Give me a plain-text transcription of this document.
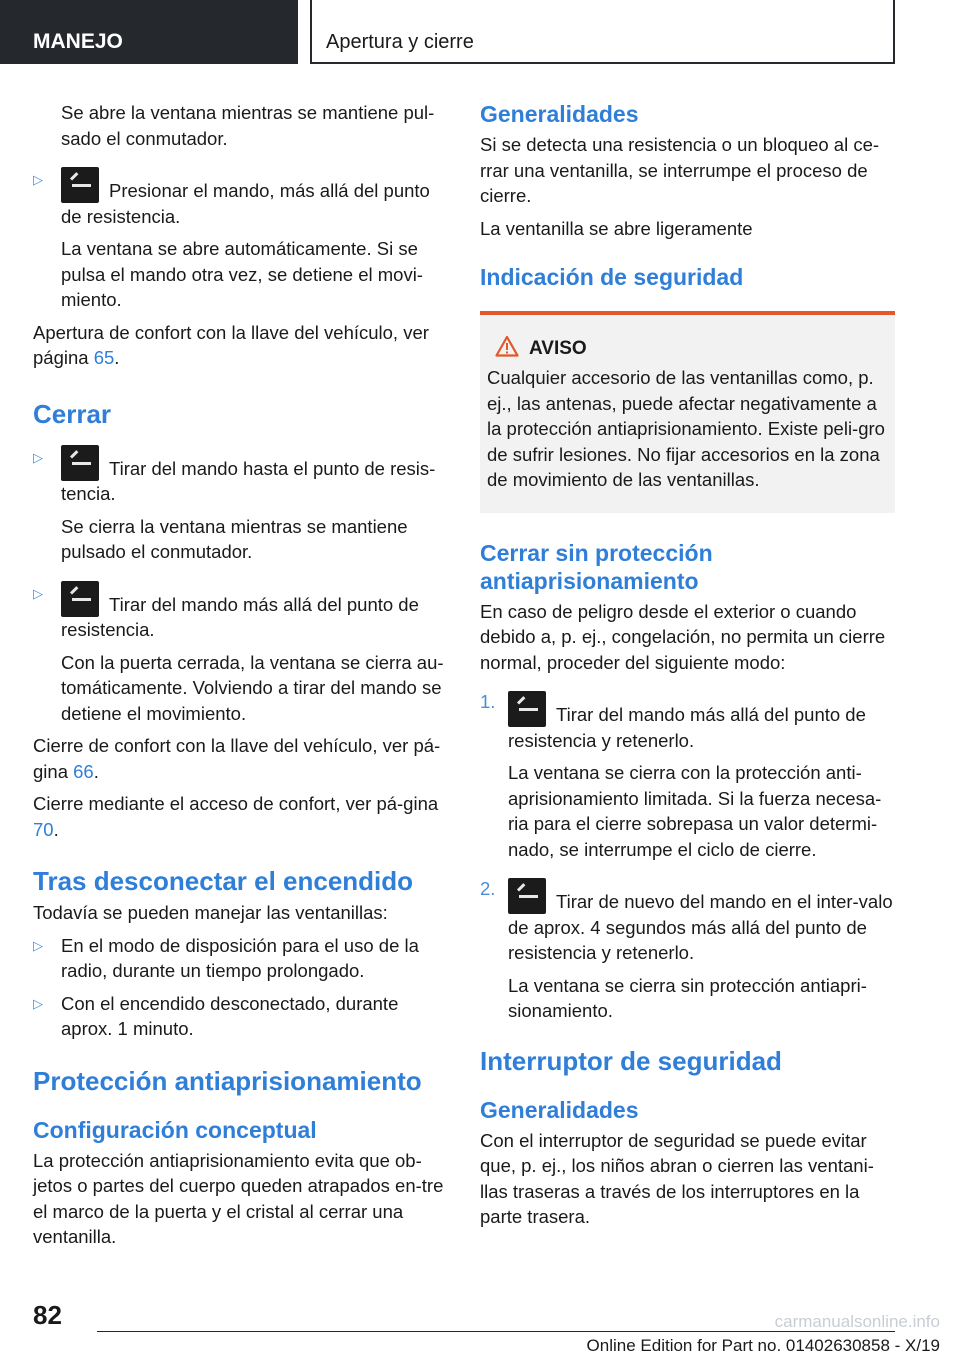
MANEJO	Apertura y cierre

Se abre la ventana mientras se mantiene pul-sado el conmutador.

▷

Presionar el mando, más allá del punto de resistencia.

La ventana se abre automáticamente. Si se pulsa el mando otra vez, se detiene el movi-miento.

Apertura de confort con la llave del vehículo, ver página 65.

Cerrar
▷

Tirar del mando hasta el punto de resis-tencia.

Se cierra la ventana mientras se mantiene pulsado el conmutador.

▷

Tirar del mando más allá del punto de resistencia.

Con la puerta cerrada, la ventana se cierra au-tomáticamente. Volviendo a tirar del mando se detiene el movimiento.

Cierre de confort con la llave del vehículo, ver pá-gina 66.

Cierre mediante el acceso de confort, ver pá-gina 70.

Tras desconectar el encendido

Todavía se pueden manejar las ventanillas:

▷ En el modo de disposición para el uso de la radio, durante un tiempo prolongado.

▷ Con el encendido desconectado, durante aprox. 1 minuto.

Protección antiaprisionamiento
Configuración conceptual

La protección antiaprisionamiento evita que ob-jetos o partes del cuerpo queden atrapados en-tre el marco de la puerta y el cristal al cerrar una ventanilla.

Generalidades

Si se detecta una resistencia o un bloqueo al ce-rrar una ventanilla, se interrumpe el proceso de cierre.

La ventanilla se abre ligeramente

Indicación de seguridad
AVISO

Cualquier accesorio de las ventanillas como, p. ej., las antenas, puede afectar negativamente a la protección antiaprisionamiento. Existe peli-gro de sufrir lesiones. No fijar accesorios en la zona de movimiento de las ventanillas.

Cerrar sin protección antiaprisionamiento

En caso de peligro desde el exterior o cuando debido a, p. ej., congelación, no permita un cierre normal, proceder del siguiente modo:

1.

Tirar del mando más allá del punto de resistencia y retenerlo.

La ventana se cierra con la protección anti-aprisionamiento limitada. Si la fuerza necesa-ria para el cierre sobrepasa un valor determi-nado, se interrumpe el ciclo de cierre.

2.

Tirar de nuevo del mando en el inter-valo de aprox. 4 segundos más allá del punto de resistencia y retenerlo.

La ventana se cierra sin protección antiapri-sionamiento.

Interruptor de seguridad
Generalidades

Con el interruptor de seguridad se puede evitar que, p. ej., los niños abran o cierren las ventani-llas traseras a través de los interruptores en la parte trasera.

82
Online Edition for Part no. 01402630858 - X/19
carmanualsonline.info
